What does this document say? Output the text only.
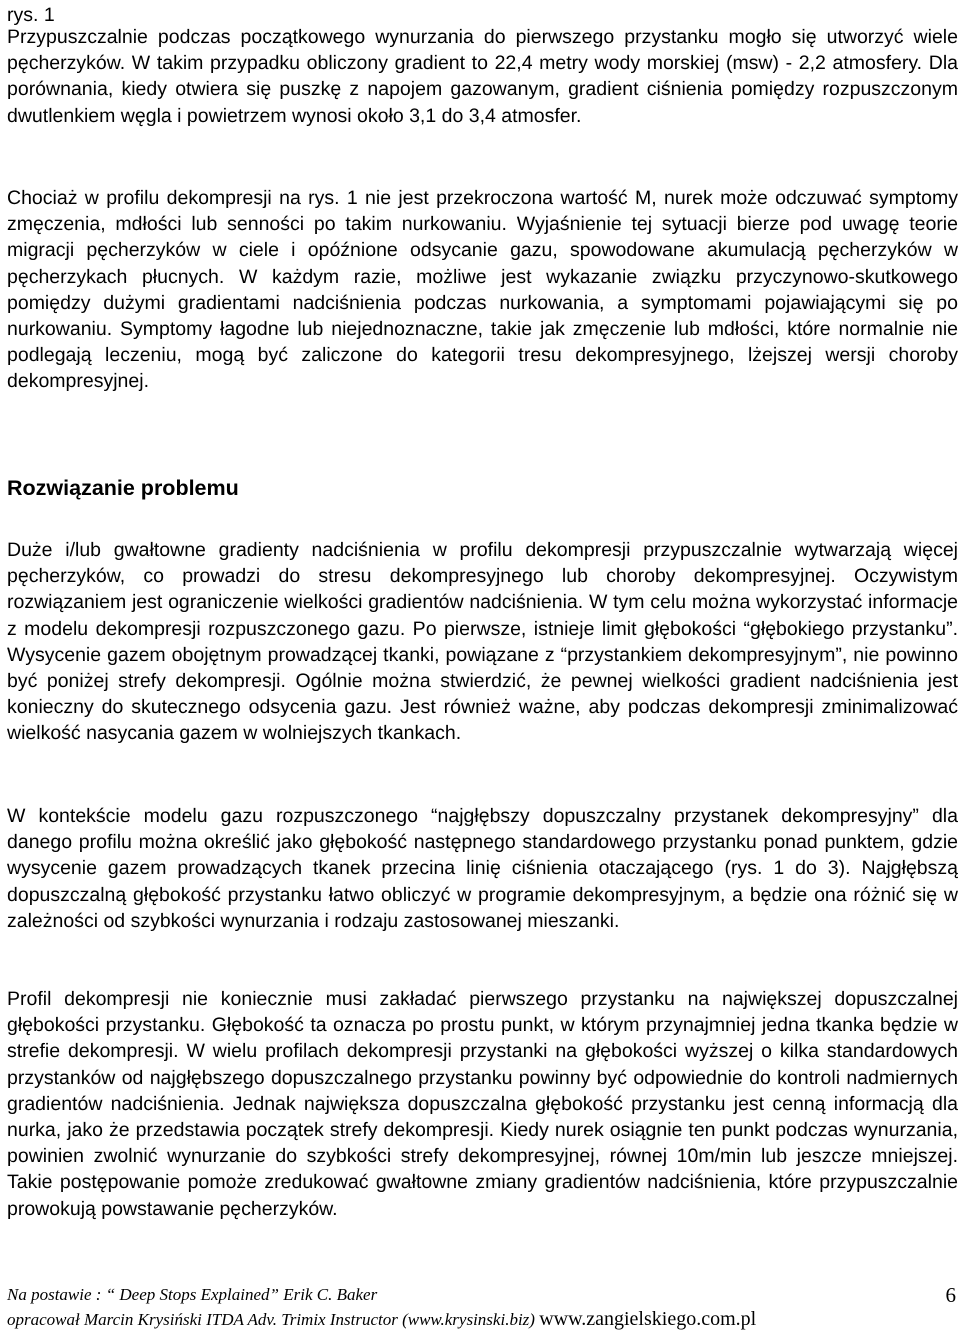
rys. 1

Przypuszczalnie podczas początkowego wynurzania do pierwszego przystanku mogło się utworzyć wiele pęcherzyków. W takim przypadku obliczony gradient to 22,4 metry wody morskiej (msw) - 2,2 atmosfery. Dla porównania, kiedy otwiera się puszkę z napojem gazowanym, gradient ciśnienia pomiędzy rozpuszczonym dwutlenkiem węgla i powietrzem wynosi około 3,1 do 3,4 atmosfer.

Chociaż w profilu dekompresji na rys. 1 nie jest przekroczona wartość M, nurek może odczuwać symptomy zmęczenia, mdłości lub senności po takim nurkowaniu. Wyjaśnienie tej sytuacji bierze pod uwagę teorie migracji pęcherzyków w ciele i opóźnione odsycanie gazu, spowodowane akumulacją pęcherzyków w pęcherzykach płucnych. W każdym razie, możliwe jest wykazanie związku przyczynowo-skutkowego pomiędzy dużymi gradientami nadciśnienia podczas nurkowania, a symptomami pojawiającymi się po nurkowaniu. Symptomy łagodne lub niejednoznaczne, takie jak zmęczenie lub mdłości, które normalnie nie podlegają leczeniu, mogą być zaliczone do kategorii tresu dekompresyjnego, lżejszej wersji choroby dekompresyjnej.

Rozwiązanie problemu

Duże i/lub gwałtowne gradienty nadciśnienia w profilu dekompresji przypuszczalnie wytwarzają więcej pęcherzyków, co prowadzi do stresu dekompresyjnego lub choroby dekompresyjnej. Oczywistym rozwiązaniem jest ograniczenie wielkości gradientów nadciśnienia. W tym celu można wykorzystać informacje z modelu dekompresji rozpuszczonego gazu. Po pierwsze, istnieje limit głębokości “głębokiego przystanku”. Wysycenie gazem obojętnym prowadzącej tkanki, powiązane z “przystankiem dekompresyjnym”, nie powinno być poniżej strefy dekompresji. Ogólnie można stwierdzić, że pewnej wielkości gradient nadciśnienia jest konieczny do skutecznego odsycenia gazu. Jest również ważne, aby podczas dekompresji zminimalizować wielkość nasycania gazem w wolniejszych tkankach.

W kontekście modelu gazu rozpuszczonego “najgłębszy dopuszczalny przystanek dekompresyjny” dla danego profilu można określić jako głębokość następnego standardowego przystanku ponad punktem, gdzie wysycenie gazem prowadzących tkanek przecina linię ciśnienia otaczającego (rys. 1 do 3). Najgłębszą dopuszczalną głębokość przystanku łatwo obliczyć w programie dekompresyjnym, a będzie ona różnić się w zależności od szybkości wynurzania i rodzaju zastosowanej mieszanki.

Profil dekompresji nie koniecznie musi zakładać pierwszego przystanku na największej dopuszczalnej głębokości przystanku. Głębokość ta oznacza po prostu punkt, w którym przynajmniej jedna tkanka będzie w strefie dekompresji. W wielu profilach dekompresji przystanki na głębokości wyższej o kilka standardowych przystanków od najgłębszego dopuszczalnego przystanku powinny być odpowiednie do kontroli nadmiernych gradientów nadciśnienia. Jednak największa dopuszczalna głębokość przystanku jest cenną informacją dla nurka, jako że przedstawia początek strefy dekompresji. Kiedy nurek osiągnie ten punkt podczas wynurzania, powinien zwolnić wynurzanie do szybkości strefy dekompresyjnej, równej 10m/min lub jeszcze mniejszej. Takie postępowanie pomoże zredukować gwałtowne zmiany gradientów nadciśnienia, które przypuszczalnie prowokują powstawanie pęcherzyków.

Na postawie : “ Deep Stops Explained” Erik C. Baker
opracował Marcin Krysiński ITDA Adv. Trimix Instructor (www.krysinski.biz) www.zangielskiego.com.pl
6
